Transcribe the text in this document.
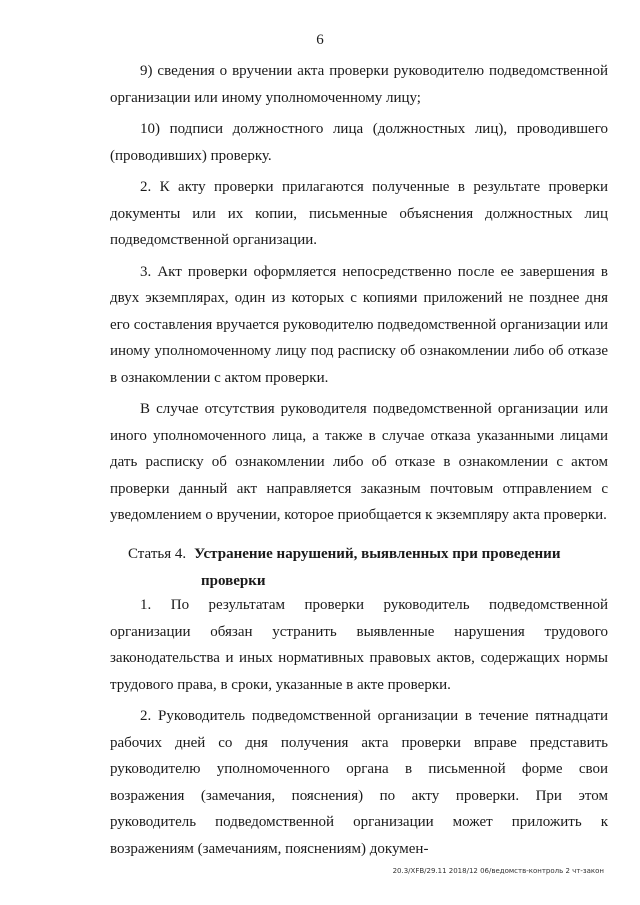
6

9) сведения о вручении акта проверки руководителю подведомственной организации или иному уполномоченному лицу;

10) подписи должностного лица (должностных лиц), проводившего (проводивших) проверку.

2. К акту проверки прилагаются полученные в результате проверки документы или их копии, письменные объяснения должностных лиц подведомственной организации.

3. Акт проверки оформляется непосредственно после ее завершения в двух экземплярах, один из которых с копиями приложений не позднее дня его составления вручается руководителю подведомственной организации или иному уполномоченному лицу под расписку об ознакомлении либо об отказе в ознакомлении с актом проверки.

В случае отсутствия руководителя подведомственной организации или иного уполномоченного лица, а также в случае отказа указанными лицами дать расписку об ознакомлении либо об отказе в ознакомлении с актом проверки данный акт направляется заказным почтовым отправлением с уведомлением о вручении, которое приобщается к экземпляру акта проверки.

Статья 4. Устранение нарушений, выявленных при проведении
проверки

1. По результатам проверки руководитель подведомственной организации обязан устранить выявленные нарушения трудового законодательства и иных нормативных правовых актов, содержащих нормы трудового права, в сроки, указанные в акте проверки.

2. Руководитель подведомственной организации в течение пятнадцати рабочих дней со дня получения акта проверки вправе представить руководителю уполномоченного органа в письменной форме свои возражения (замечания, пояснения) по акту проверки. При этом руководитель подведомственной организации может приложить к возражениям (замечаниям, пояснениям) докумен-

20.3/XFB/29.11 2018/12 06/ведомств-контроль 2 чт-закон
